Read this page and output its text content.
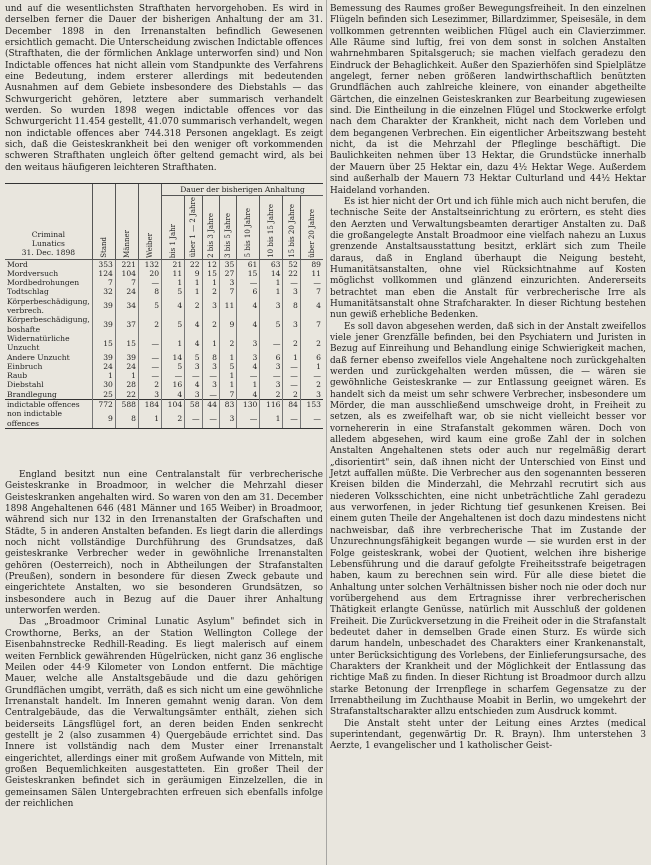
und auf die wesentlichsten Strafthaten hervorgehoben. Es wird in derselben ferner die Dauer der bisherigen Anhaltung der am 31. December 1898 in den Irrenanstalten befindlich Gewesenen ersichtlich gemacht. Die Unterscheidung zwischen Indictable offences (Strafthaten, die der förmlichen Anklage unterworfen sind) und Non Indictable offences hat nicht allein vom Standpunkte des Verfahrens eine Bedeutung, indem ersterer allerdings mit bedeutenden Ausnahmen auf dem Gebiete insbesondere des Diebstahls — das Schwurgericht gehören, letztere aber summarisch verhandelt werden. So wurden 1898 wegen indictable offences vor das Schwurgericht 11.454 gestellt, 41.070 summarisch verhandelt, wegen non indictable offences aber 744.318 Personen angeklagt. Es zeigt sich, daß die Geisteskrankheit bei den weniger oft vorkommenden schweren Strafthaten ungleich öfter geltend gemacht wird, als bei den weitaus häufigeren leichteren Strafthaten.

Criminal
Lunatics
31. Dec. 1898	Stand	Männer	Weiber	Dauer der bisherigen Anhaltung							

				bis 1 Jahr	über 1 — 2 Jahre	2 bis 3 Jahre	3 bis 5 Jahre	5 bis 10 Jahre	10 bis 15 Jahre	15 bis 20 Jahre	über 20 Jahre

Mord	353	221	132	21	22	12	35	61	63	52	89
Mordversuch	124	104	20	11	9	15	27	15	14	22	11
Mordbedrohungen	7	7	—	1	1	1	3	—	1	—	—
Todtschlag	32	24	8	5	1	2	7	6	1	3	7
Körperbeschädigung, verbrech.	39	34	5	4	2	3	11	4	3	8	4
Körperbeschädigung, boshafte	39	37	2	5	4	2	9	4	5	3	7
Widernatürliche Unzucht	15	15	—	1	4	1	2	3	—	2	2
Andere Unzucht	39	39	—	14	5	8	1	3	6	1	6
Einbruch	24	24	—	5	3	3	5	4	3	—	1
Raub	1	1	—	—	—	—	1	—	—	—	—
Diebstahl	30	28	2	16	4	3	1	1	3	—	2
Brandlegung	25	22	3	4	3	—	7	4	2	2	3
indictable offences	772	588	184	104	58	44	83	130	116	84	153
non indictable offences	9	8	1	2	—	—	3	—	1	—	—

England besitzt nun eine Centralanstalt für verbrecherische Geisteskranke in Broadmoor, in welcher die Mehrzahl dieser Geisteskranken angehalten wird. So waren von den am 31. December 1898 Angehaltenen 646 (481 Männer und 165 Weiber) in Broadmoor, während sich nur 132 in den Irrenanstalten der Grafschaften und Städte, 5 in anderen Anstalten befanden. Es liegt darin die allerdings noch nicht vollständige Durchführung des Grundsatzes, daß geisteskranke Verbrecher weder in gewöhnliche Irrenanstalten gehören (Oesterreich), noch in Abtheilungen der Strafanstalten (Preußen), sondern in besondere für diesen Zweck gebaute und eingerichtete Anstalten, wo sie besonderen Grundsätzen, so insbesondere auch in Bezug auf die Dauer ihrer Anhaltung unterworfen werden.

Das „Broadmoor Criminal Lunatic Asylum" befindet sich in Crowthorne, Berks, an der Station Wellington College der Eisenbahnstrecke Redhill-Reading. Es liegt malerisch auf einem weiten Fernblick gewährenden Hügelrücken, nicht ganz 36 englische Meilen oder 44·9 Kilometer von London entfernt. Die mächtige Mauer, welche alle Anstaltsgebäude und die dazu gehörigen Grundflächen umgibt, verräth, daß es sich nicht um eine gewöhnliche Irrenanstalt handelt. Im Inneren gemahnt wenig daran. Von dem Centralgebäude, das die Verwaltungsämter enthält, ziehen sich beiderseits Längsflügel fort, an deren beiden Enden senkrecht gestellt je 2 (also zusammen 4) Quergebäude errichtet sind. Das Innere ist vollständig nach dem Muster einer Irrenanstalt eingerichtet, allerdings einer mit großem Aufwande von Mitteln, mit großen Bequemlichkeiten ausgestatteten. Ein großer Theil der Geisteskranken befindet sich in geräumigen Einzelzellen, die in gemeinsamen Sälen Untergebrachten erfreuen sich ebenfalls infolge der reichlichen

Bemessung des Raumes großer Bewegungsfreiheit. In den einzelnen Flügeln befinden sich Lesezimmer, Billardzimmer, Speisesäle, in dem vollkommen getrennten weiblichen Flügel auch ein Clavierzimmer. Alle Räume sind luftig, frei von dem sonst in solchen Anstalten wahrnehmbaren Spitalsgeruch; sie machen vielfach geradezu den Eindruck der Behaglichkeit. Außer den Spazierhöfen sind Spielplätze angelegt, ferner neben größeren landwirthschaftlich benützten Grundflächen auch zahlreiche kleinere, von einander abgetheilte Gärtchen, die einzelnen Geisteskranken zur Bearbeitung zugewiesen sind. Die Eintheilung in die einzelnen Flügel und Stockwerke erfolgt nach dem Charakter der Krankheit, nicht nach dem Vorleben und dem begangenen Verbrechen. Ein eigentlicher Arbeitszwang besteht nicht, da ist die Mehrzahl der Pfleglinge beschäftigt. Die Baulichkeiten nehmen über 13 Hektar, die Grundstücke innerhalb der Mauern über 25 Hektar ein, dazu 4½ Hektar Wege. Außerdem sind außerhalb der Mauern 73 Hektar Culturland und 44½ Hektar Haideland vorhanden.

Es ist hier nicht der Ort und ich fühle mich auch nicht berufen, die technische Seite der Anstaltseinrichtung zu erörtern, es steht dies den Aerzten und Verwaltungsbeamten derartiger Anstalten zu. Daß die großangelegte Anstalt Broadmoor eine vielfach nahezu an Luxus grenzende Anstaltsausstattung besitzt, erklärt sich zum Theile daraus, daß in England überhaupt die Neigung besteht, Humanitätsanstalten, ohne viel Rücksichtnahme auf Kosten möglichst vollkommen und glänzend einzurichten. Andererseits betrachtet man eben die Anstalt für verbrecherische Irre als Humanitätsanstalt ohne Strafcharakter. In dieser Richtung bestehen nun gewiß erhebliche Bedenken.

Es soll davon abgesehen werden, daß sich in der Anstalt zweifellos viele jener Grenzfälle befinden, bei den Psychiatern und Juristen in Bezug auf Einreihung und Behandlung einige Schwierigkeit machen, daß ferner ebenso zweifellos viele Angehaltene noch zurückgehalten werden und zurückgehalten werden müssen, die — wären sie gewöhnliche Geisteskranke — zur Entlassung geeignet wären. Es handelt sich da meist um sehr schwere Verbrecher, insbesondere um Mörder, die man ausschließend umschweige droht, in Freiheit zu setzen, als es zweifelhaft war, ob sie nicht vielleicht besser vor vornehererin in eine Strafanstalt gekommen wären. Doch von alledem abgesehen, wird kaum eine große Zahl der in solchen Anstalten Angehaltenen stets oder auch nur regelmäßig derart „disorientirt" sein, daß ihnen nicht der Unterschied von Einst und Jetzt auffallen müßte. Die Verbrecher aus den sogenannten besseren Kreisen bilden die Minderzahl, die Mehrzahl recrutirt sich aus niederen Volksschichten, eine nicht unbeträchtliche Zahl geradezu aus verworfenen, in jeder Richtung tief gesunkenen Kreisen. Bei einem guten Theile der Angehaltenen ist doch dazu mindestens nicht nachweisbar, daß ihre verbrecherische That im Zustande der Unzurechnungsfähigkeit begangen wurde — sie wurden erst in der Folge geisteskrank, wobei der Quotient, welchen ihre bisherige Lebensführung und die darauf gefolgte Freiheitsstrafe beigetragen haben, kaum zu berechnen sein wird. Für alle diese bietet die Anhaltung unter solchen Verhältnissen bisher noch nie oder doch nur vorübergehend aus dem Ertragnisse ihrer verbrecherischen Thätigkeit erlangte Genüsse, natürlich mit Ausschluß der goldenen Freiheit. Die Zurückversetzung in die Freiheit oder in die Strafanstalt bedeutet daher in demselben Grade einen Sturz. Es würde sich darum handeln, unbeschadet des Charakters einer Krankenanstalt, unter Berücksichtigung des Vorlebens, der Einlieferungsursache, des Charakters der Krankheit und der Möglichkeit der Entlassung das richtige Maß zu finden. In dieser Richtung ist Broadmoor durch allzu starke Betonung der Irrenpflege in scharfem Gegensatze zu der Irrenabtheilung im Zuchthause Moabit in Berlin, wo umgekehrt der Strafanstaltscharakter allzu entschieden zum Ausdruck kommt.

Die Anstalt steht unter der Leitung eines Arztes (medical superintendant, gegenwärtig Dr. R. Brayn). Ihm unterstehen 3 Aerzte, 1 evangelischer und 1 katholischer Geist-
